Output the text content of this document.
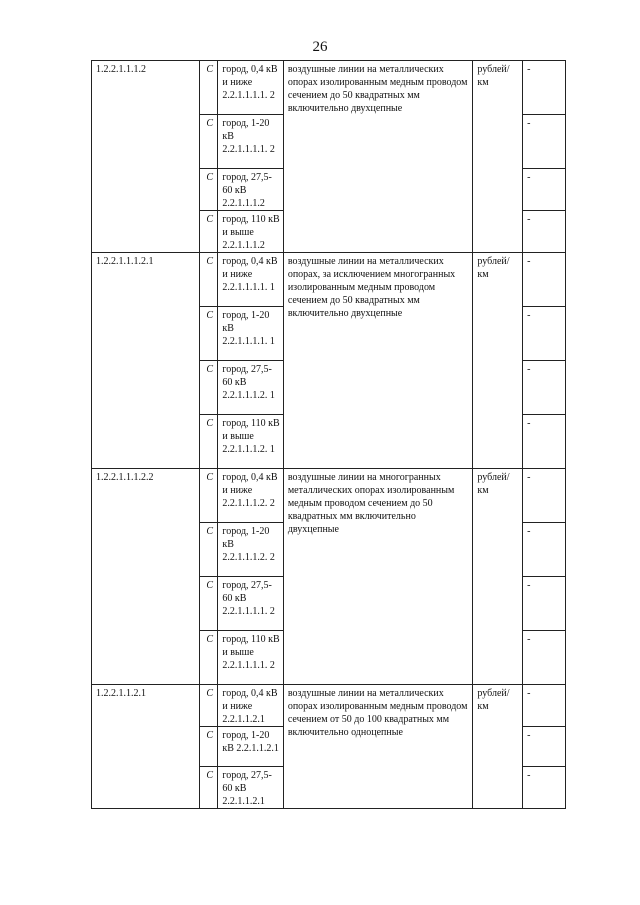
26
1.2.2.1.1.1.2	С	город, 0,4 кВ и ниже 2.2.1.1.1.1. 2	воздушные линии на металлических опорах изолированным медным проводом сечением до 50 квадратных мм включительно двухцепные	рублей/ км	-
	С	город, 1-20 кВ 2.2.1.1.1.1. 2			-
	С	город, 27,5-60 кВ 2.2.1.1.1.2			-
	С	город, 110 кВ и выше 2.2.1.1.1.2			-
1.2.2.1.1.1.2.1	С	город, 0,4 кВ и ниже 2.2.1.1.1.1. 1	воздушные линии на металлических опорах, за исключением многогранных изолированным медным проводом сечением до 50 квадратных мм включительно двухцепные	рублей/ км	-
	С	город, 1-20 кВ 2.2.1.1.1.1. 1			-
	С	город, 27,5-60 кВ 2.2.1.1.1.2. 1			-
	С	город, 110 кВ и выше 2.2.1.1.1.2. 1			-
1.2.2.1.1.1.2.2	С	город, 0,4 кВ и ниже 2.2.1.1.1.2. 2	воздушные линии на многогранных металлических опорах изолированным медным проводом сечением до 50 квадратных мм включительно двухцепные	рублей/ км	-
	С	город, 1-20 кВ 2.2.1.1.1.2. 2			-
	С	город, 27,5-60 кВ 2.2.1.1.1.1. 2			-
	С	город, 110 кВ и выше 2.2.1.1.1.1. 2			-
1.2.2.1.1.2.1	С	город, 0,4 кВ и ниже 2.2.1.1.2.1	воздушные линии на металлических опорах изолированным медным проводом сечением от 50 до 100 квадратных мм включительно одноцепные	рублей/ км	-
	С	город, 1-20 кВ 2.2.1.1.2.1			-
	С	город, 27,5-60 кВ 2.2.1.1.2.1			-
